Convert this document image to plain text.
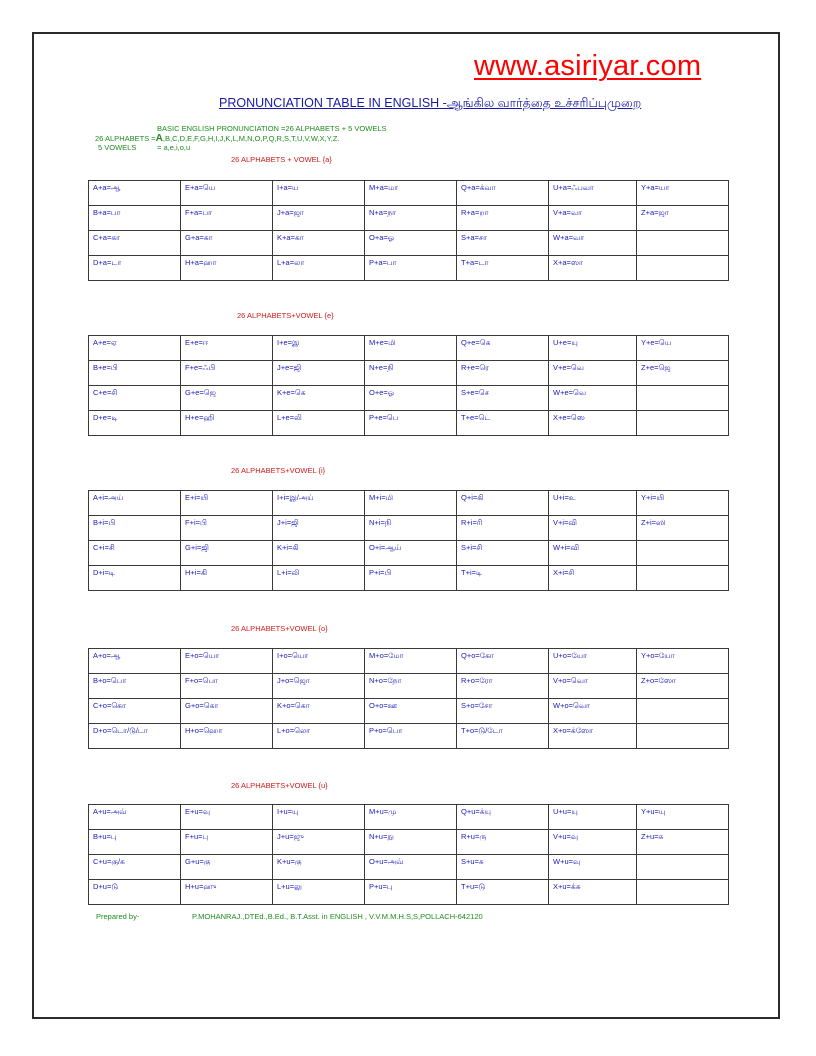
www.asiriyar.com
PRONUNCIATION TABLE IN ENGLISH -ஆங்கில வார்த்தை உச்சரிப்புமுறை
BASIC ENGLISH PRONUNCIATION =26 ALPHABETS + 5 VOWELS
26 ALPHABETS =A,B,C,D,E,F,G,H,I,J,K,L,M,N,O,P,Q,R,S,T,U,V,W,X,Y,Z.
5 VOWELS	= a,e,i,o,u
26 ALPHABETS + VOWEL {a}
A+a=ஆ	E+a=யெ	I+a=ய	M+a=மா	Q+a=க்வா	U+a=ஃபவா	Y+a=யா
B+a=பா	F+a=பா	J+a=ஜா	N+a=நா	R+a=றா	V+a=வா	Z+a=ஜா
C+a=கா	G+a=கா	K+a=கா	O+a=ஓ	S+a=சா	W+a=வா	
D+a=டா	H+a=ஹா	L+a=லா	P+a=பா	T+a=டா	X+a=ஸா	
26 ALPHABETS+VOWEL {e}
A+e=ஏ	E+e=ஈ	I+e=இ	M+e=மி	Q+e=கெ	U+e=யு	Y+e=யெ
B+e=பி	F+e=ஃபி	J+e=ஜி	N+e=நி	R+e=ரெ	V+e=வெ	Z+e=ஜெ
C+e=சி	G+e=ஜெ	K+e=கெ	O+e=ஓ	S+e=செ	W+e=வெ	
D+e=டி	H+e=ஹி	L+e=லி	P+e=பெ	T+e=டெ	X+e=ஸெ	
26 ALPHABETS+VOWEL {i}
A+i=அய்	E+i=யி	I+i=இ/அய்	M+i=மி	Q+i=கி	U+i=உ	Y+i=யி
B+i=பி	F+i=பி	J+i=ஜி	N+i=நி	R+i=ரி	V+i=வி	Z+i=ஸி
C+i=சி	G+i=ஜி	K+i=கி	O+i=ஆய்	S+i=சி	W+i=வி	
D+i=டி	H+i=கி	L+i=லி	P+i=பி	T+i=டி	X+i=சி	
26 ALPHABETS+VOWEL {o}
A+o=ஆ	E+o=யொ	I+o=யொ	M+o=மோ	Q+o=கோ	U+o=யோ	Y+o=யோ
B+o=பொ	F+o=பொ	J+o=ஜொ	N+o=நோ	R+o=ரோ	V+o=வொ	Z+o=ஸோ
C+o=கொ	G+o=கொ	K+o=கொ	O+o=ஊ	S+o=சோ	W+o=வொ	
D+o=டொ/டு/டா	H+o=ஹொ	L+o=லொ	P+o=பொ	T+o=டு/டோ	X+o=க்ஸோ	
26 ALPHABETS+VOWEL {u}
A+u=அவ்	E+u=வு	I+u=யு	M+u=மு	Q+u=க்யு	U+u=யு	Y+u=யு
B+u=பு	F+u=பு	J+u=ஜு	N+u=நு	R+u=ரு	V+u=வு	Z+u=சு
C+u=கு/க	G+u=கு	K+u=கு	O+u=அவ்	S+u=சு	W+u=வு	
D+u=டு	H+u=ஹு	L+u=லு	P+u=பு	T+u=டு	X+u=க்சு	
Prepared by-	P.MOHANRAJ.,DTEd.,B.Ed., B.T.Asst. in ENGLISH , V.V.M.M.H.S,S,POLLACH-642120
